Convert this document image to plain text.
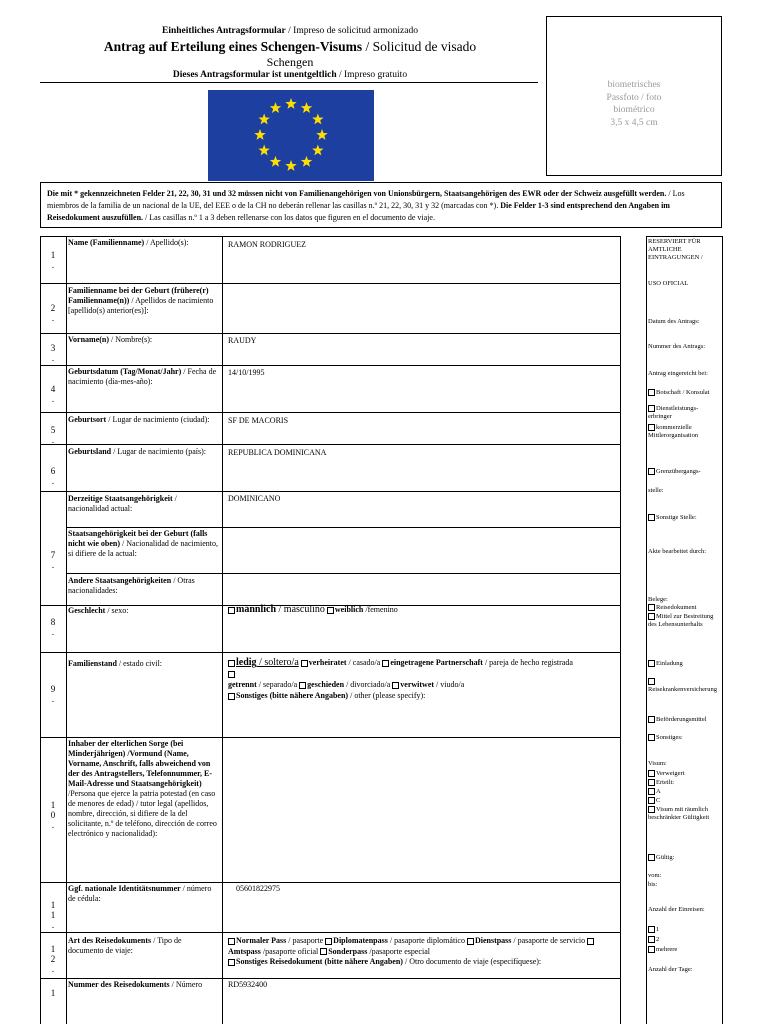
Einheitliches Antragsformular / Impreso de solicitud armonizado
Antrag auf Erteilung eines Schengen-Visums / Solicitud de visado
Schengen
Dieses Antragsformular ist unentgeltlich / Impreso gratuito
biometrisches
Passfoto / foto
biométrico
3,5 x 4,5 cm
Die mit * gekennzeichneten Felder 21, 22, 30, 31 und 32 müssen nicht von Familienangehörigen von Unionsbürgern, Staatsangehörigen des EWR oder der Schweiz ausgefüllt werden. / Los miembros de la familia de un nacional de la UE, del EEE o de la CH no deberán rellenar las casillas n.º 21, 22, 30, 31 y 32 (marcadas con *). Die Felder 1-3 sind entsprechend den Angaben im Reisedokument auszufüllen. / Las casillas n.º 1 a 3 deben rellenarse con los datos que figuren en el documento de viaje.
1
.
Name (Familienname) / Apellido(s):	RAMON RODRIGUEZ
2
.
Familienname bei der Geburt (frühere(r) Familienname(n)) / Apellidos de nacimiento [apellido(s) anterior(es)]:
3
.
Vorname(n) / Nombre(s):	RAUDY
4
.
Geburtsdatum (Tag/Monat/Jahr) / Fecha de nacimiento (día-mes-año):
14/10/1995
5
.
Geburtsort / Lugar de nacimiento (ciudad):	SF DE MACORIS
6
.
Geburtsland / Lugar de nacimiento (país):	REPUBLICA DOMINICANA
7
.
Derzeitige Staatsangehörigkeit / nacionalidad actual:
DOMINICANO
Staatsangehörigkeit bei der Geburt (falls nicht wie oben) / Nacionalidad de nacimiento, si difiere de la actual:
Andere Staatsangehörigkeiten / Otras nacionalidades:
8
.
Geschlecht / sexo:	männlich / masculino weiblich /femenino
9
.
Familienstand / estado civil:	ledig / soltero/a verheiratet / casado/a eingetragene Partnerschaft / pareja de hecho registrada

getrennt / separado/a geschieden / divorciado/a verwitwet / viudo/a
Sonstiges (bitte nähere Angaben) / other (please specify):
1
0
.
Inhaber der elterlichen Sorge (bei Minderjährigen) /Vormund (Name, Vorname, Anschrift, falls abweichend von der des Antragstellers, Telefonnummer, E-Mail-Adresse und Staatsangehörigkeit) /Persona que ejerce la patria potestad (en caso de menores de edad) / tutor legal (apellidos, nombre, dirección, si difiere de la del solicitante, n.º de teléfono, dirección de correo electrónico y nacionalidad):
1
1
.
Ggf. nationale Identitätsnummer / número de cédula:
05601822975
1
2
.
Art des Reisedokuments / Tipo de documento de viaje:
Normaler Pass / pasaporte Diplomatenpass / pasaporte diplomático Dienstpass / pasaporte de servicio Amtspass /pasaporte oficial Sonderpass /pasaporte especial
Sonstiges Reisedokument (bitte nähere Angaben) / Otro documento de viaje (especifíquese):
1
Nummer des Reisedokuments / Número	RD5932400
RESERVIERT FÜR AMTLICHE EINTRAGUNGEN /
USO OFICIAL
Datum des Antrags:
Nummer des Antrags:
Antrag eingereicht bei:
Botschaft / Konsulat
Dienstleistungs-erbringer
kommerzielle Mittlerorganisation
Grenzübergangs-
stelle:
Sonstige Stelle:
Akte bearbeitet durch:
Belege:
Reisedokument
Mittel zur Bestreitung des Lebensunterhalts
Einladung
Reisekrankenversicherung
Beförderungsmittel
Sonstiges:
Visum:
Verweigert
Erteilt:
A
C
Visum mit räumlich beschränkter Gültigkeit
Gültig:
vom:
bis:
Anzahl der Einreisen:
1
2
mehrere
Anzahl der Tage:
